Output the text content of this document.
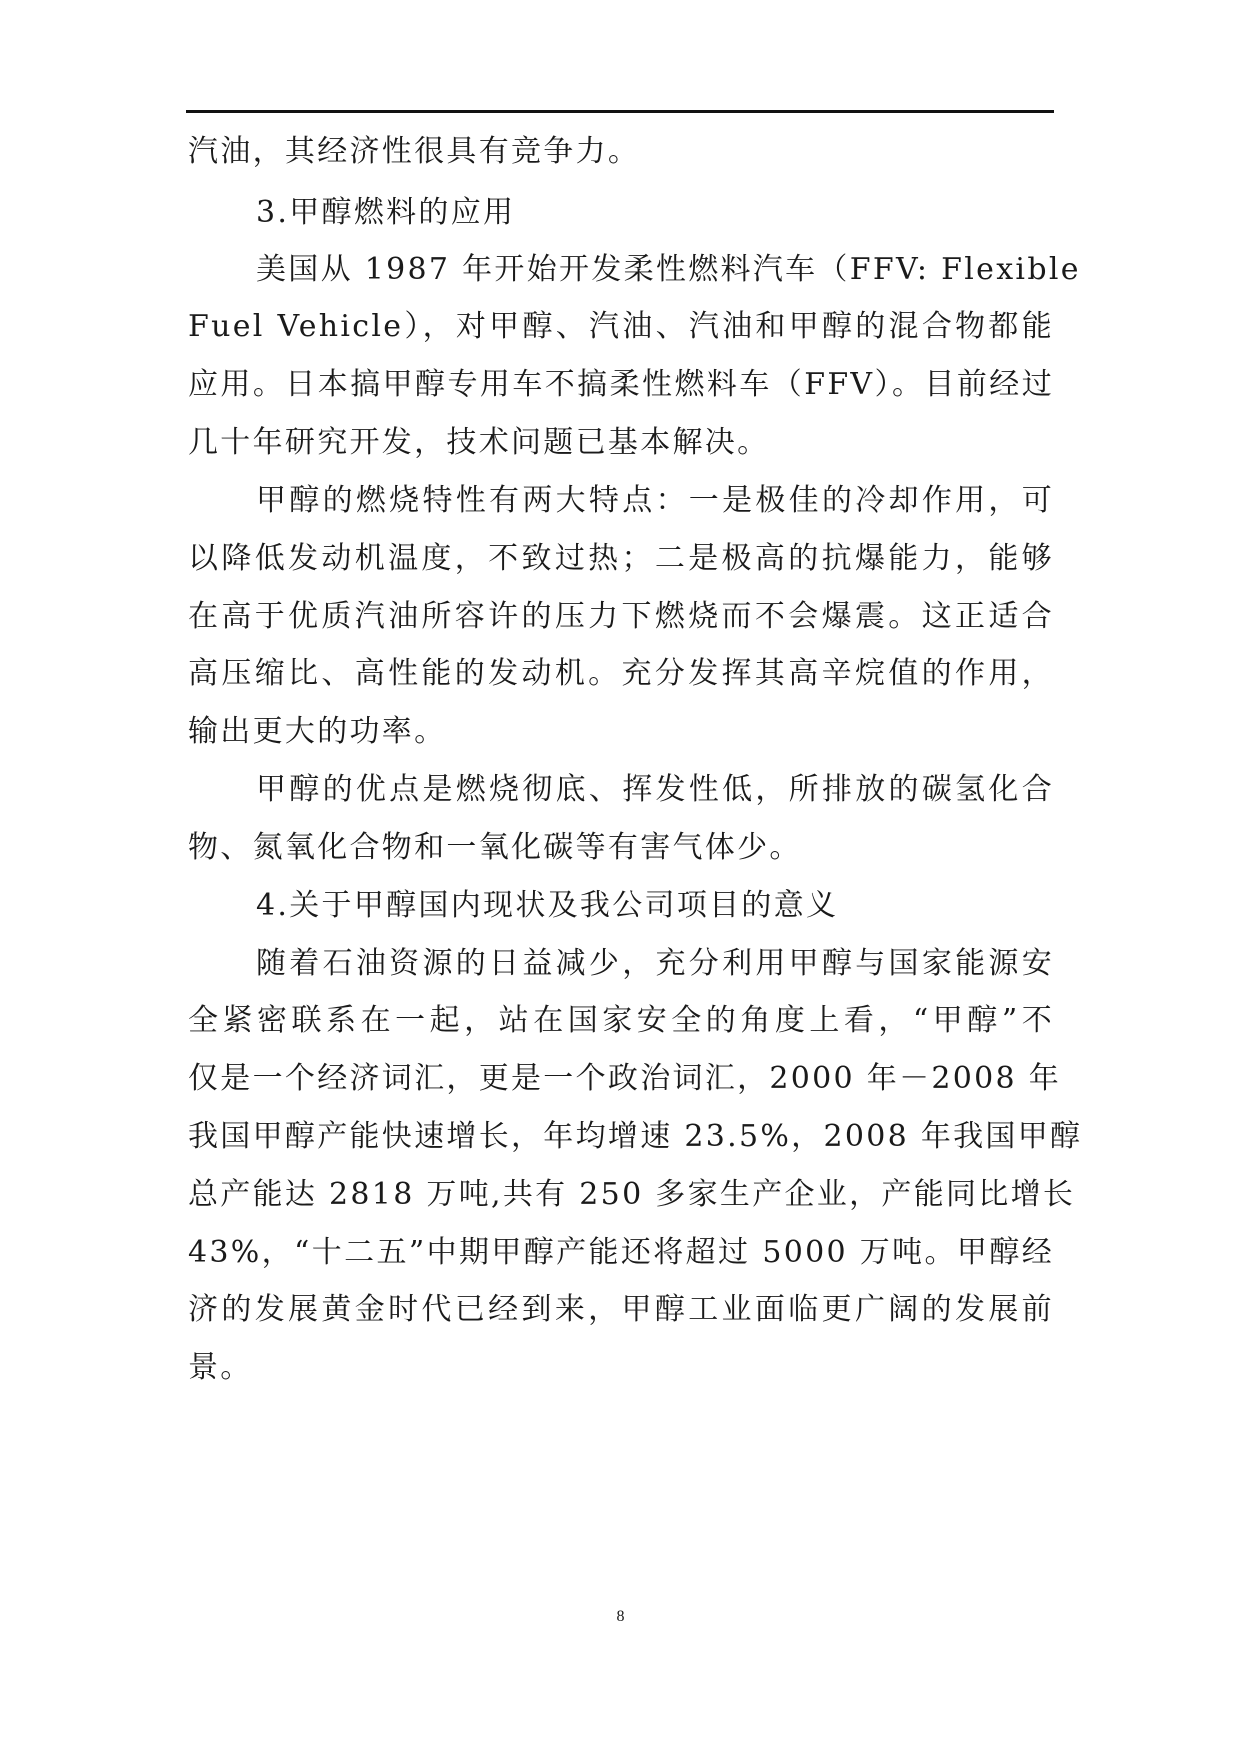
汽油，其经济性很具有竞争力。
3.甲醇燃料的应用
美国从 1987 年开始开发柔性燃料汽车（FFV: Flexible
Fuel Vehicle），对甲醇、汽油、汽油和甲醇的混合物都能
应用。日本搞甲醇专用车不搞柔性燃料车（FFV）。目前经过
几十年研究开发，技术问题已基本解决。
甲醇的燃烧特性有两大特点：一是极佳的冷却作用，可
以降低发动机温度，不致过热；二是极高的抗爆能力，能够
在高于优质汽油所容许的压力下燃烧而不会爆震。这正适合
高压缩比、高性能的发动机。充分发挥其高辛烷值的作用，
输出更大的功率。
甲醇的优点是燃烧彻底、挥发性低，所排放的碳氢化合
物、氮氧化合物和一氧化碳等有害气体少。
4.关于甲醇国内现状及我公司项目的意义
随着石油资源的日益减少，充分利用甲醇与国家能源安
全紧密联系在一起，站在国家安全的角度上看，“甲醇”不
仅是一个经济词汇，更是一个政治词汇，2000 年－2008 年
我国甲醇产能快速增长，年均增速 23.5%，2008 年我国甲醇
总产能达 2818 万吨,共有 250 多家生产企业，产能同比增长
43%，“十二五”中期甲醇产能还将超过 5000 万吨。甲醇经
济的发展黄金时代已经到来，甲醇工业面临更广阔的发展前
景。
8
